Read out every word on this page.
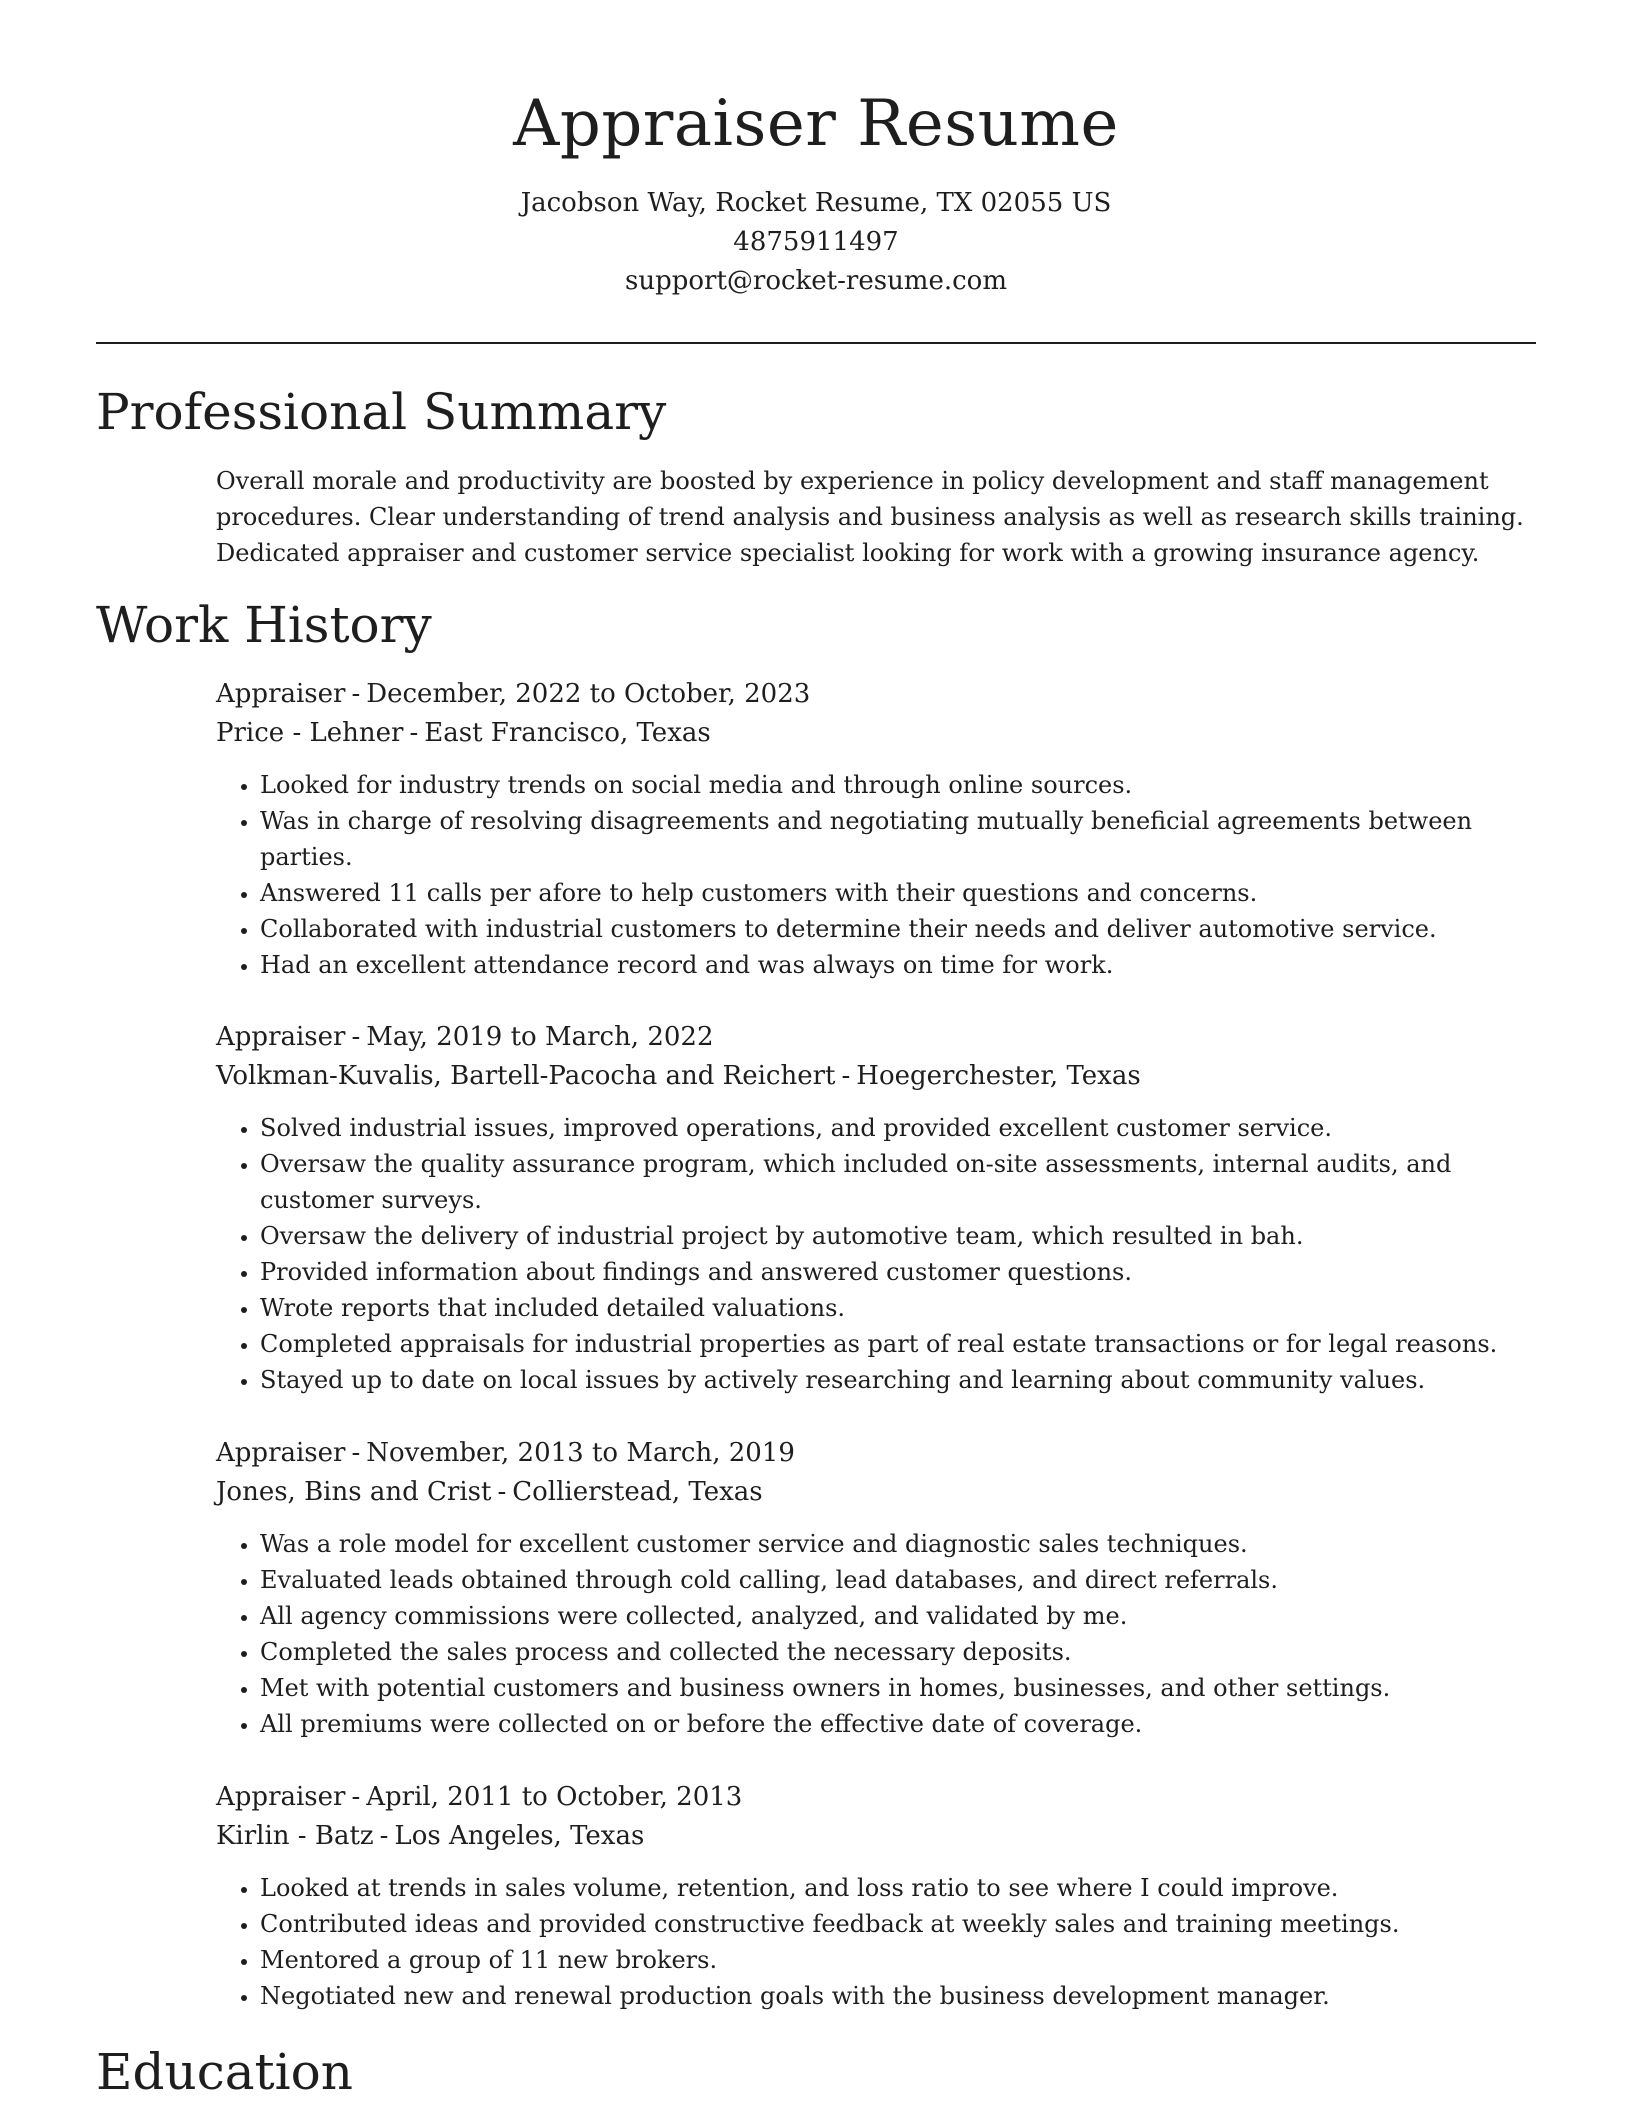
Appraiser Resume

Jacobson Way, Rocket Resume, TX 02055 US

4875911497

support@rocket-resume.com

Professional Summary

Overall morale and productivity are boosted by experience in policy development and staff management procedures. Clear understanding of trend analysis and business analysis as well as research skills training. Dedicated appraiser and customer service specialist looking for work with a growing insurance agency.

Work History

Appraiser - December, 2022 to October, 2023

Price - Lehner - East Francisco, Texas

• Looked for industry trends on social media and through online sources.
• Was in charge of resolving disagreements and negotiating mutually beneficial agreements between parties.
• Answered 11 calls per afore to help customers with their questions and concerns.
• Collaborated with industrial customers to determine their needs and deliver automotive service.
• Had an excellent attendance record and was always on time for work.

Appraiser - May, 2019 to March, 2022

Volkman-Kuvalis, Bartell-Pacocha and Reichert - Hoegerchester, Texas

• Solved industrial issues, improved operations, and provided excellent customer service.
• Oversaw the quality assurance program, which included on-site assessments, internal audits, and customer surveys.
• Oversaw the delivery of industrial project by automotive team, which resulted in bah.
• Provided information about findings and answered customer questions.
• Wrote reports that included detailed valuations.
• Completed appraisals for industrial properties as part of real estate transactions or for legal reasons.
• Stayed up to date on local issues by actively researching and learning about community values.

Appraiser - November, 2013 to March, 2019

Jones, Bins and Crist - Collierstead, Texas

• Was a role model for excellent customer service and diagnostic sales techniques.
• Evaluated leads obtained through cold calling, lead databases, and direct referrals.
• All agency commissions were collected, analyzed, and validated by me.
• Completed the sales process and collected the necessary deposits.
• Met with potential customers and business owners in homes, businesses, and other settings.
• All premiums were collected on or before the effective date of coverage.

Appraiser - April, 2011 to October, 2013

Kirlin - Batz - Los Angeles, Texas

• Looked at trends in sales volume, retention, and loss ratio to see where I could improve.
• Contributed ideas and provided constructive feedback at weekly sales and training meetings.
• Mentored a group of 11 new brokers.
• Negotiated new and renewal production goals with the business development manager.
Education
